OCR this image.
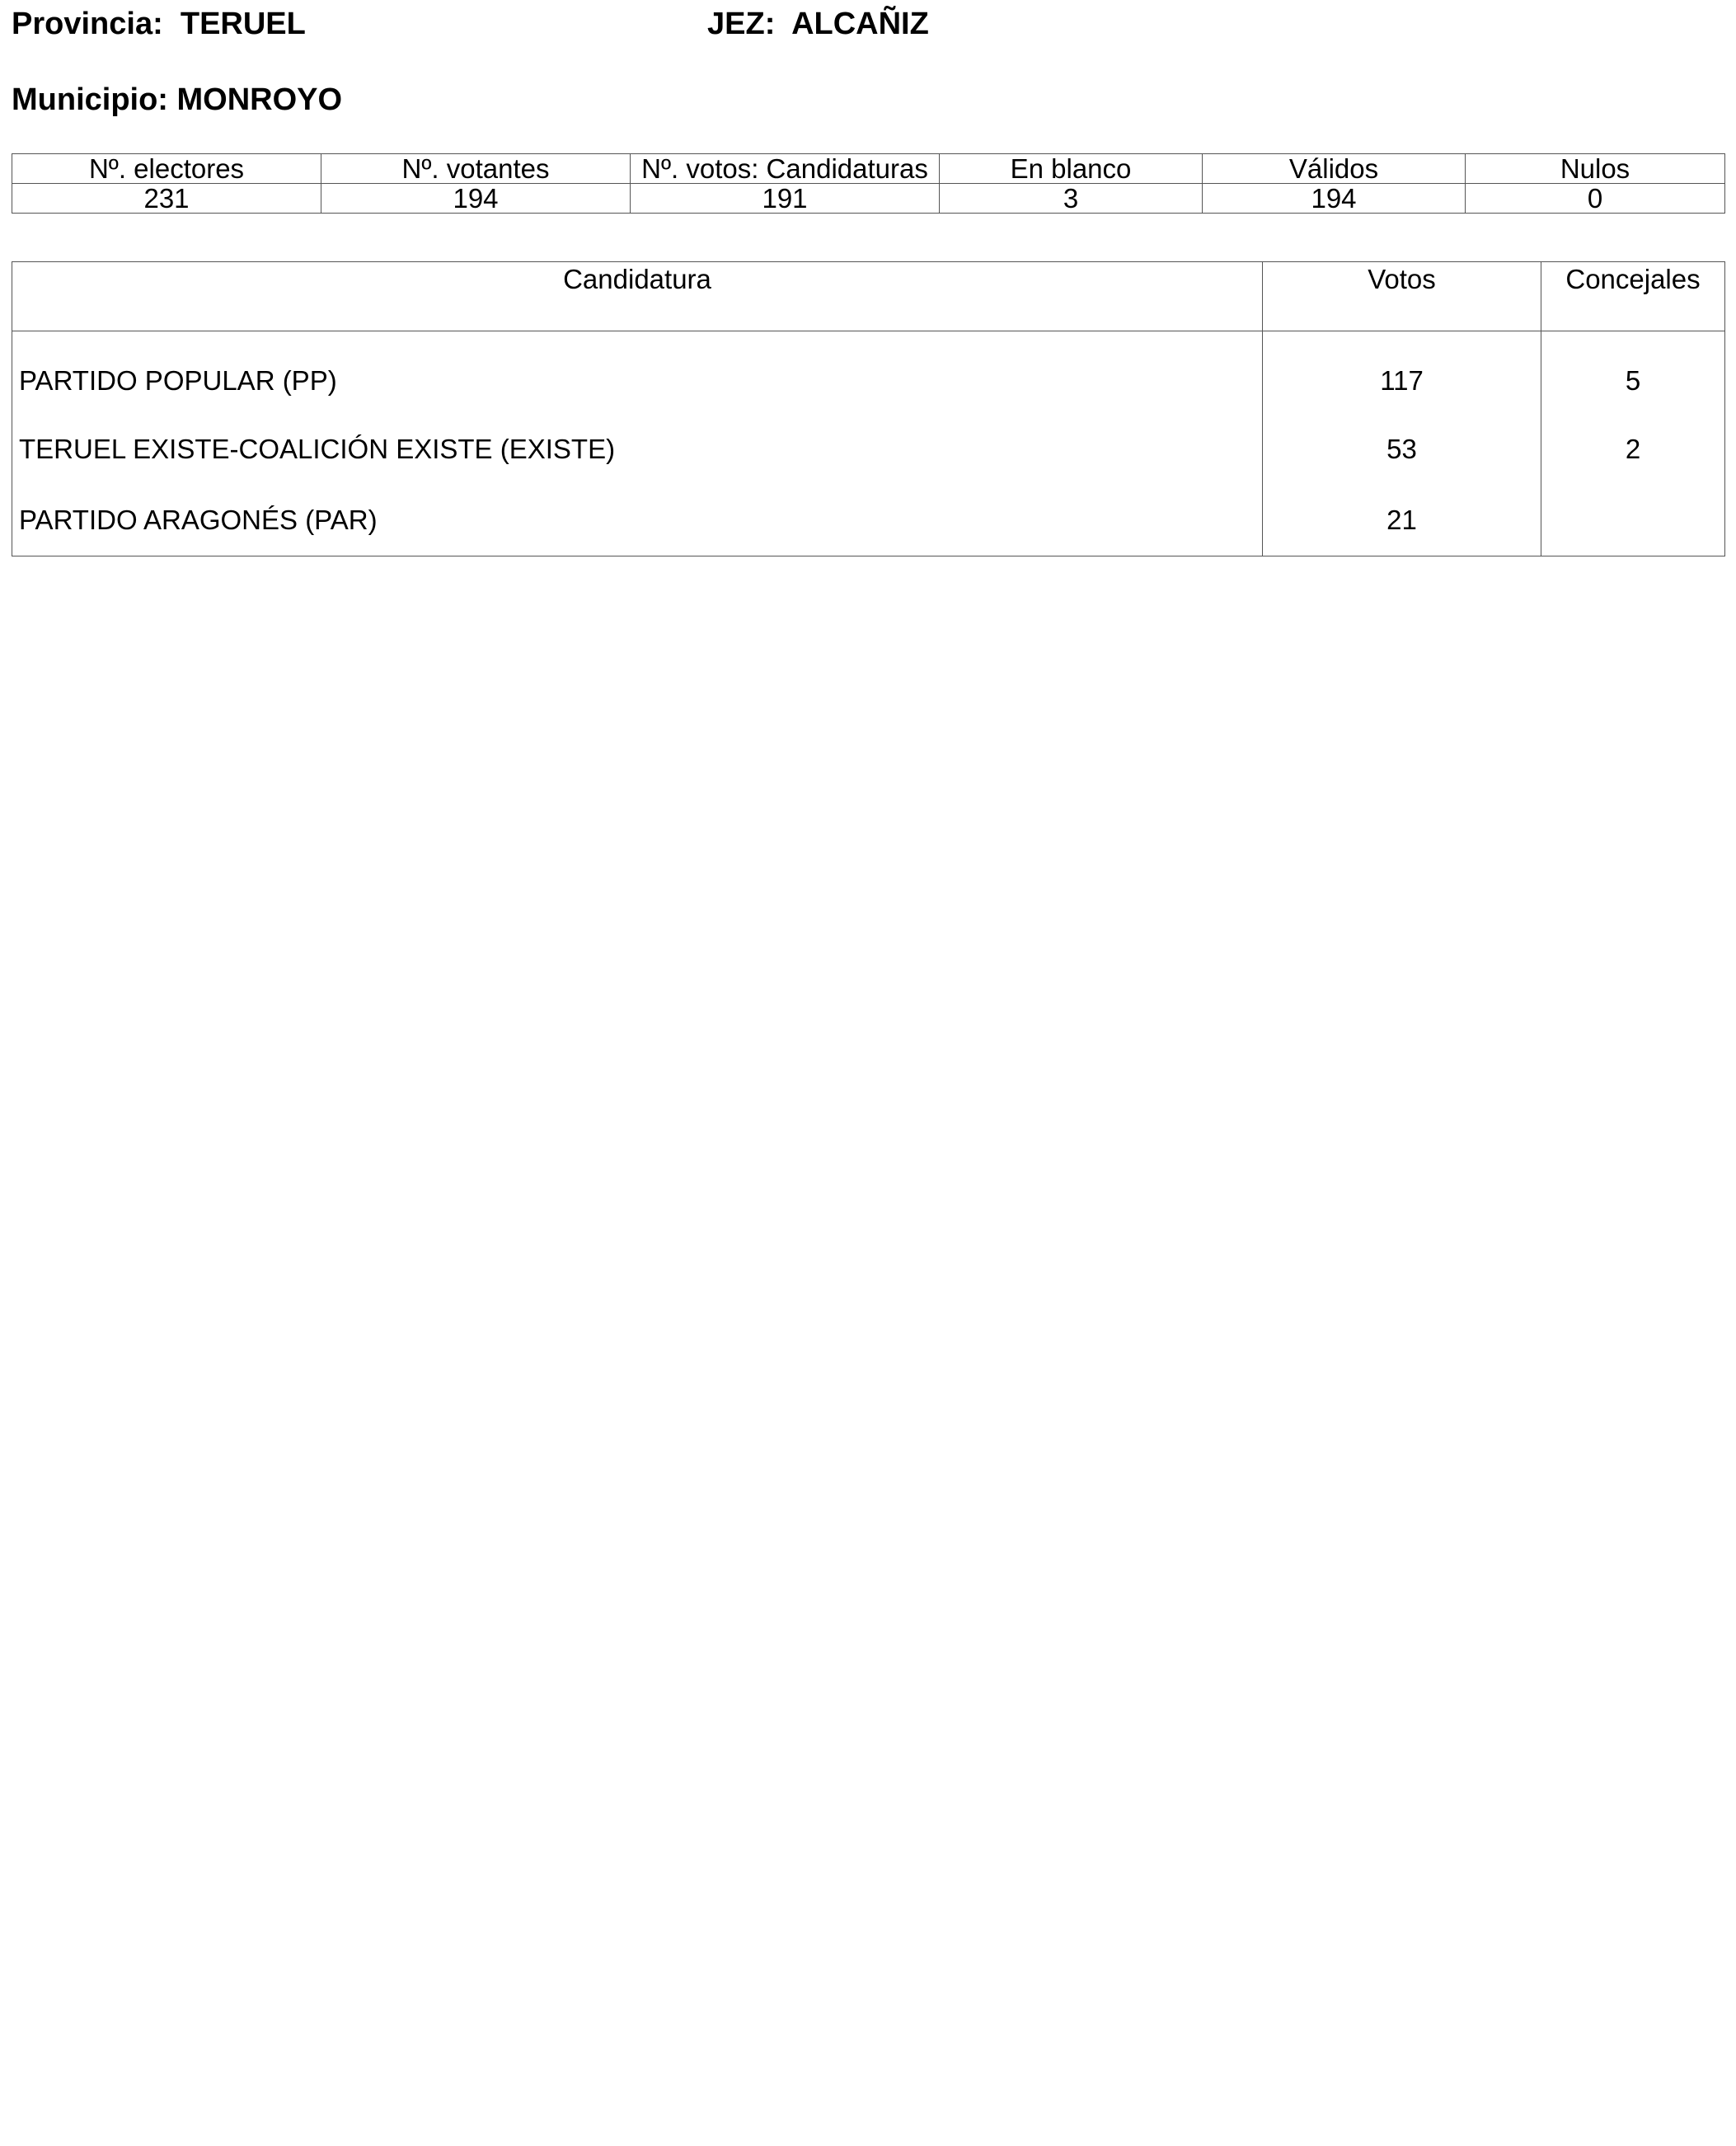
Provincia: TERUEL	JEZ: ALCAÑIZ
Municipio: MONROYO
Nº. electores	Nº. votantes	Nº. votos: Candidaturas	En blanco	Válidos	Nulos
231	194	191	3	194	0
Candidatura	Votos	Concejales
PARTIDO POPULAR (PP)	117	5
TERUEL EXISTE-COALICIÓN EXISTE (EXISTE)	53	2
PARTIDO ARAGONÉS (PAR)	21	
